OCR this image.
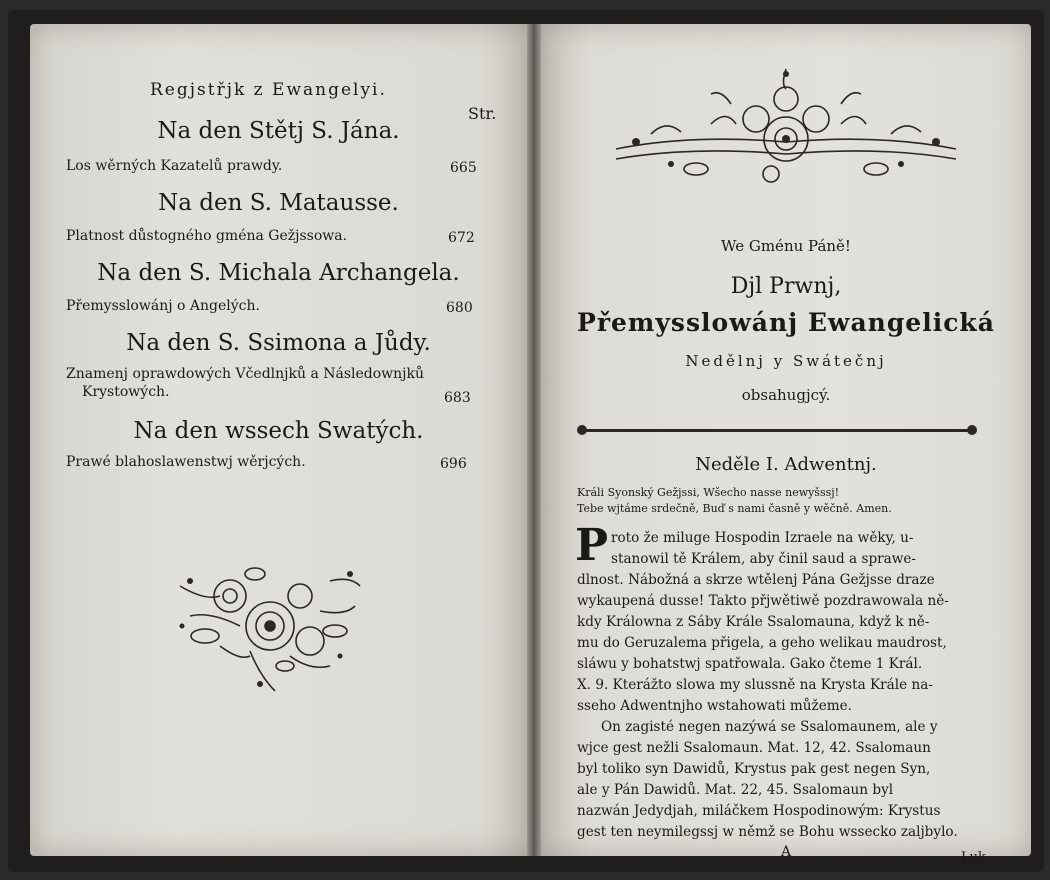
Regjstřjk z Ewangelyi.
Str.
Na den Stětj S. Jána.
Los wěrných Kazatelů prawdy.	665
Na den S. Matausse.
Platnost důstogného gména Gežjssowa.	672
Na den S. Michala Archangela.
Přemysslowánj o Angelých.	680
Na den S. Ssimona a Jůdy.
Znamenj oprawdowých Včedlnjků a Následownjků
Krystowých.	683
Na den wssech Swatých.
Prawé blahoslawenstwj wěrjcých.	696
We Gménu Páně!
Djl Prwnj,
Přemysslowánj Ewangelická
Nedělnj y Swátečnj
obsahugjcý.
Neděle I. Adwentnj.
Králi Syonský Gežjssi, Wšecho nasse newyšssj!
Tebe wjtáme srdečně, Buď s nami časně y wěčně. Amen.
P roto že miluge Hospodin Izraele na wěky, u-
stanowil tě Králem, aby činil saud a sprawe-
dlnost. Nábožná a skrze wtělenj Pána Gežjsse draze
wykaupená dusse! Takto přjwětiwě pozdrawowala ně-
kdy Králowna z Sáby Krále Ssalomauna, když k ně-
mu do Geruzalema přigela, a geho welikau maudrost,
sláwu y bohatstwj spatřowala. Gako čteme 1 Král.
X. 9. Kterážto slowa my slussně na Krysta Krále na-
sseho Adwentnjho wstahowati můžeme.
On zagisté negen nazýwá se Ssalomaunem, ale y
wjce gest nežli Ssalomaun. Mat. 12, 42. Ssalomaun
byl toliko syn Dawidů, Krystus pak gest negen Syn,
ale y Pán Dawidů. Mat. 22, 45. Ssalomaun byl
nazwán Jedydjah, miláčkem Hospodinowým: Krystus
gest ten neymilegssj w němž se Bohu wssecko zaljbylo.
A	Luk.
